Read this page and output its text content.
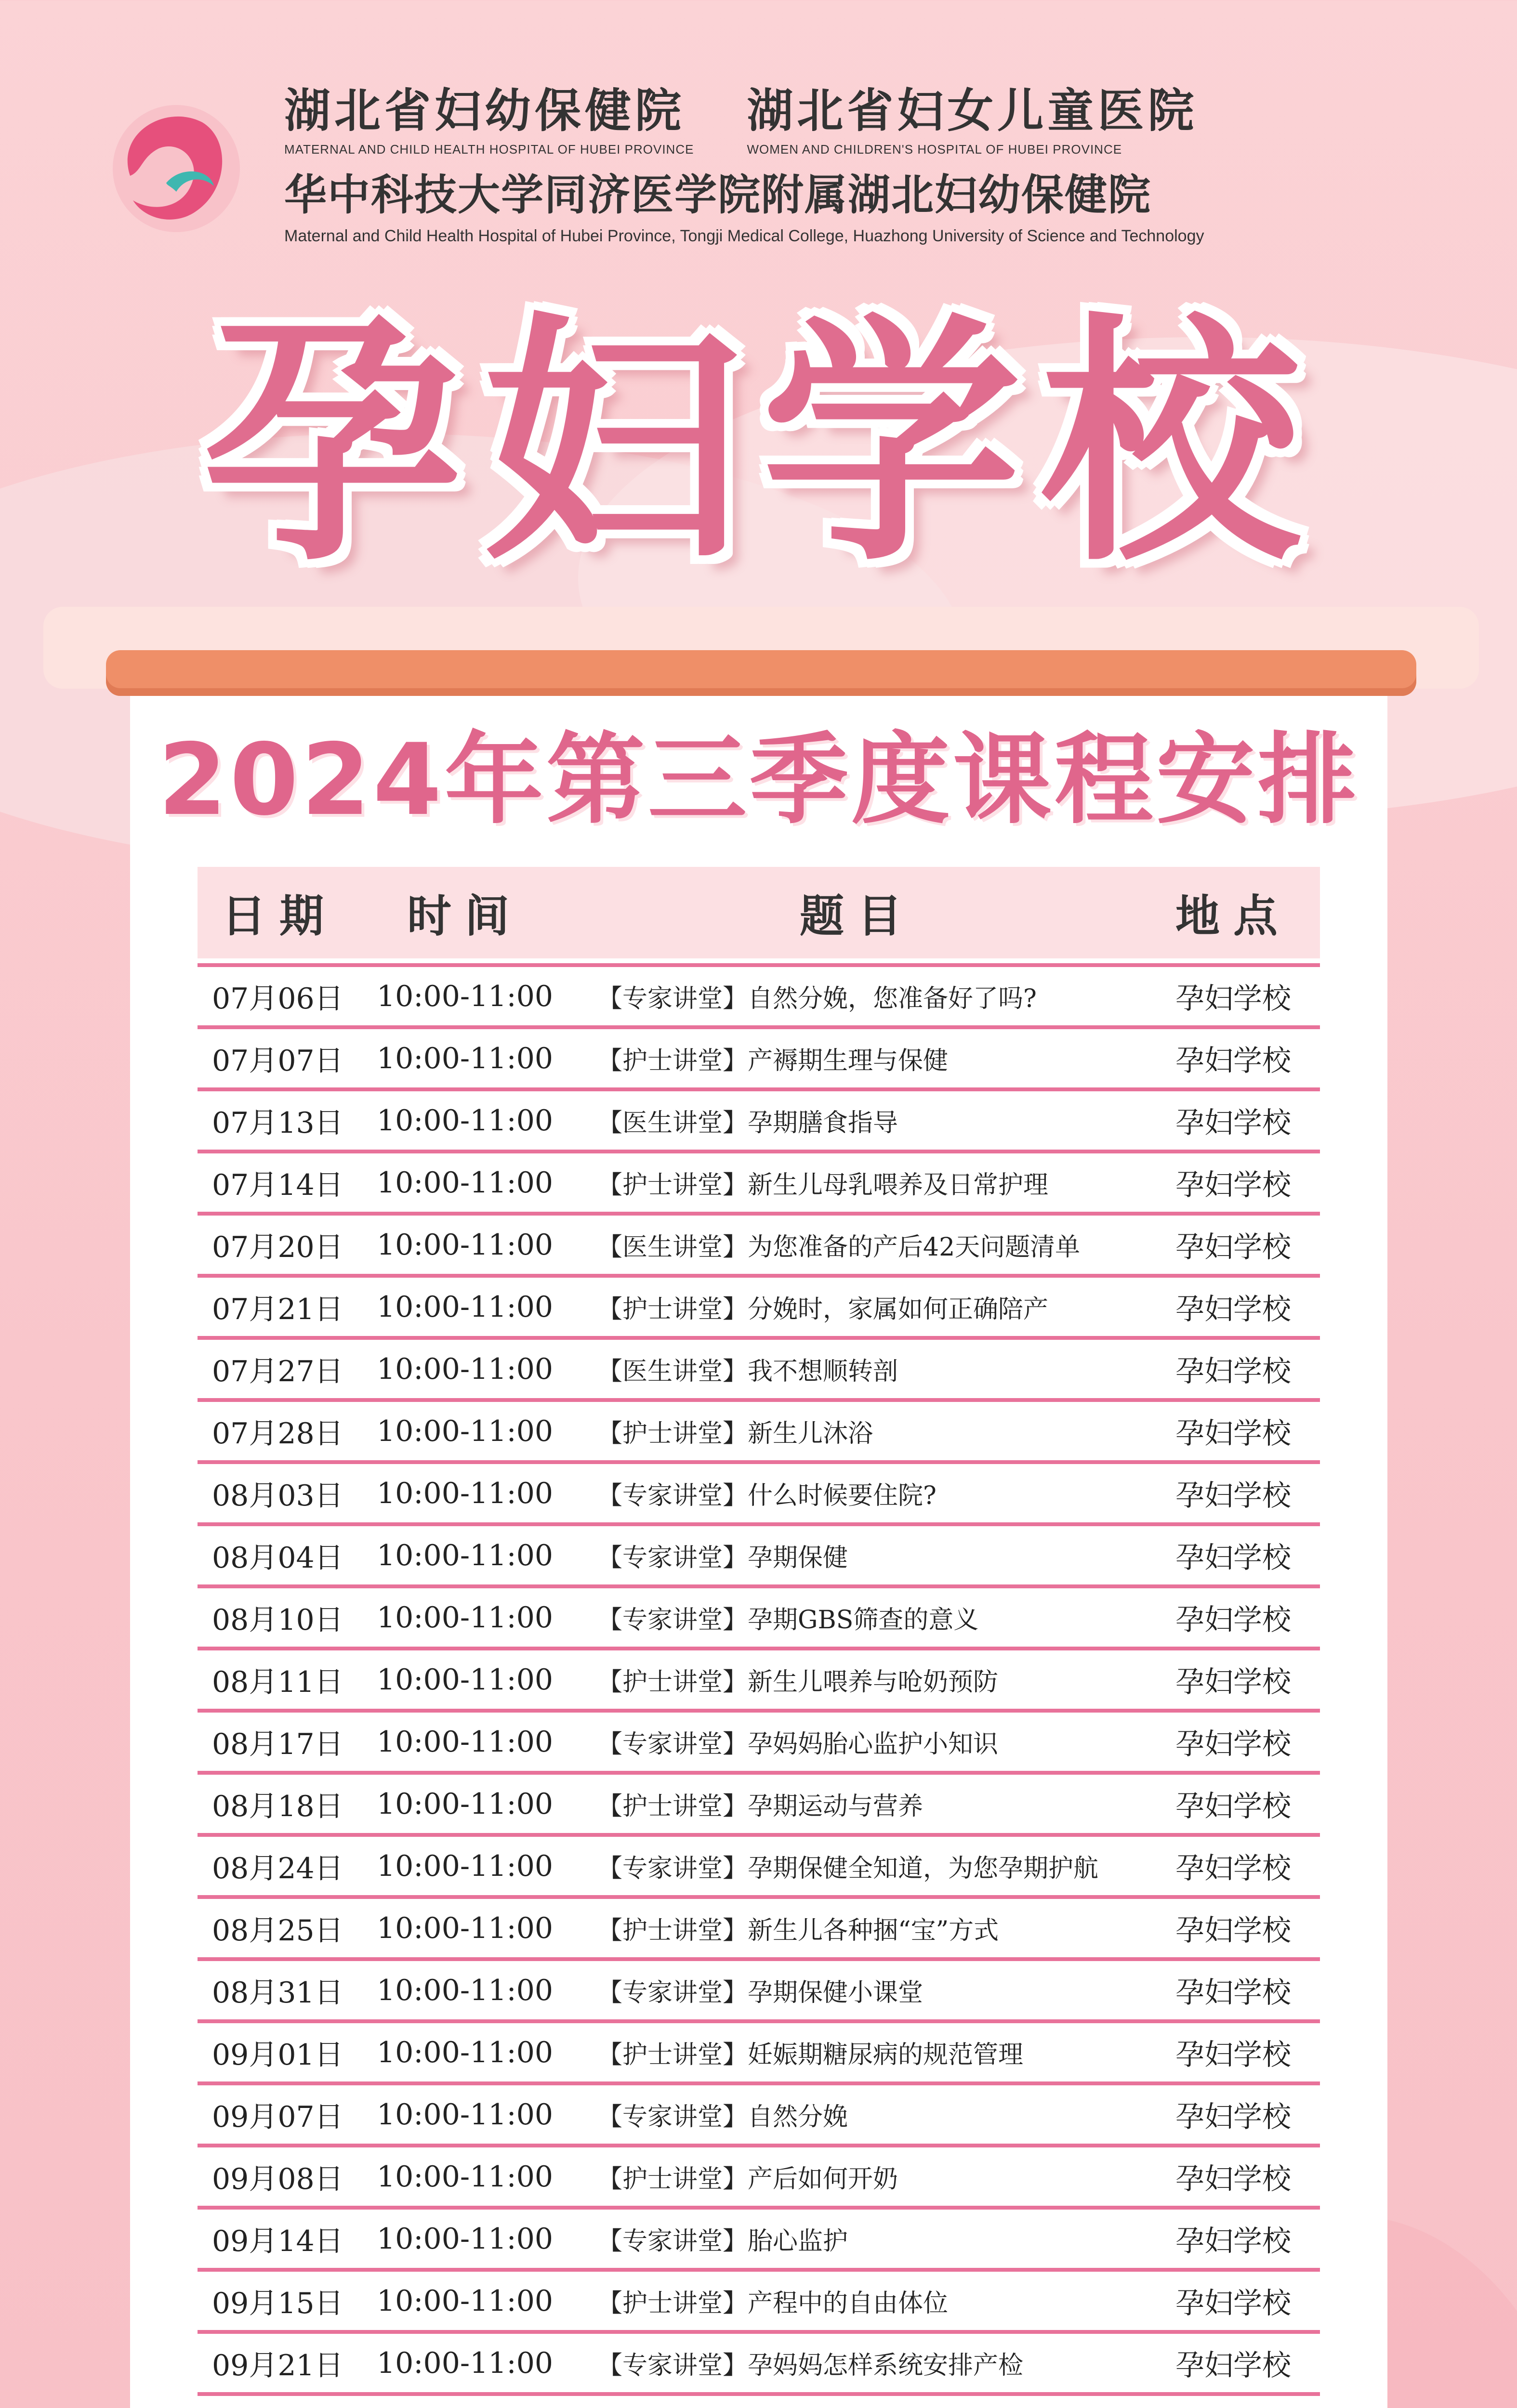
湖北省妇幼保健院
MATERNAL AND CHILD HEALTH HOSPITAL OF HUBEI PROVINCE
湖北省妇女儿童医院
WOMEN AND CHILDREN'S HOSPITAL OF HUBEI PROVINCE
华中科技大学同济医学院附属湖北妇幼保健院
Maternal and Child Health Hospital of Hubei Province, Tongji Medical College, Huazhong University of Science and Technology
孕妇学校
2024年第三季度课程安排
日期	时间	题目	地点
07月06日	10:00-11:00	【专家讲堂】自然分娩，您准备好了吗?	孕妇学校
07月07日	10:00-11:00	【护士讲堂】产褥期生理与保健	孕妇学校
07月13日	10:00-11:00	【医生讲堂】孕期膳食指导	孕妇学校
07月14日	10:00-11:00	【护士讲堂】新生儿母乳喂养及日常护理	孕妇学校
07月20日	10:00-11:00	【医生讲堂】为您准备的产后42天问题清单	孕妇学校
07月21日	10:00-11:00	【护士讲堂】分娩时，家属如何正确陪产	孕妇学校
07月27日	10:00-11:00	【医生讲堂】我不想顺转剖	孕妇学校
07月28日	10:00-11:00	【护士讲堂】新生儿沐浴	孕妇学校
08月03日	10:00-11:00	【专家讲堂】什么时候要住院?	孕妇学校
08月04日	10:00-11:00	【专家讲堂】孕期保健	孕妇学校
08月10日	10:00-11:00	【专家讲堂】孕期GBS筛查的意义	孕妇学校
08月11日	10:00-11:00	【护士讲堂】新生儿喂养与呛奶预防	孕妇学校
08月17日	10:00-11:00	【专家讲堂】孕妈妈胎心监护小知识	孕妇学校
08月18日	10:00-11:00	【护士讲堂】孕期运动与营养	孕妇学校
08月24日	10:00-11:00	【专家讲堂】孕期保健全知道，为您孕期护航	孕妇学校
08月25日	10:00-11:00	【护士讲堂】新生儿各种捆“宝”方式	孕妇学校
08月31日	10:00-11:00	【专家讲堂】孕期保健小课堂	孕妇学校
09月01日	10:00-11:00	【护士讲堂】妊娠期糖尿病的规范管理	孕妇学校
09月07日	10:00-11:00	【专家讲堂】自然分娩	孕妇学校
09月08日	10:00-11:00	【护士讲堂】产后如何开奶	孕妇学校
09月14日	10:00-11:00	【专家讲堂】胎心监护	孕妇学校
09月15日	10:00-11:00	【护士讲堂】产程中的自由体位	孕妇学校
09月21日	10:00-11:00	【专家讲堂】孕妈妈怎样系统安排产检	孕妇学校
